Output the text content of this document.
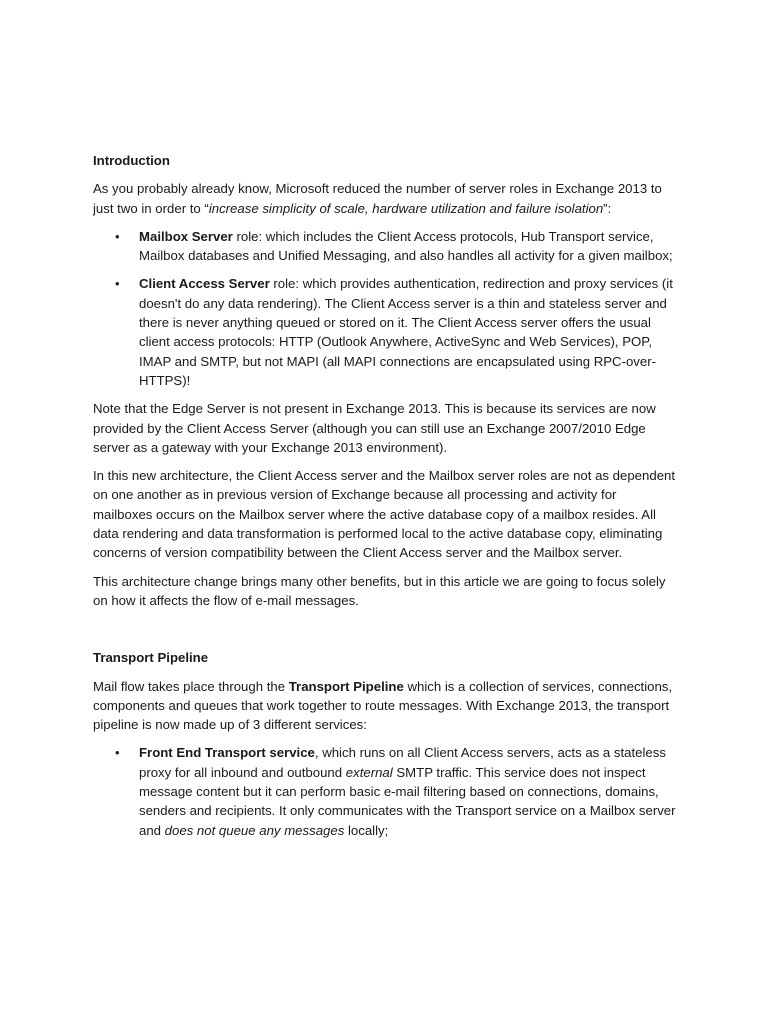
Introduction

As you probably already know, Microsoft reduced the number of server roles in Exchange 2013 to just two in order to “increase simplicity of scale, hardware utilization and failure isolation”:

• Mailbox Server role: which includes the Client Access protocols, Hub Transport service, Mailbox databases and Unified Messaging, and also handles all activity for a given mailbox;
• Client Access Server role: which provides authentication, redirection and proxy services (it doesn't do any data rendering). The Client Access server is a thin and stateless server and there is never anything queued or stored on it. The Client Access server offers the usual client access protocols: HTTP (Outlook Anywhere, ActiveSync and Web Services), POP, IMAP and SMTP, but not MAPI (all MAPI connections are encapsulated using RPC-over-HTTPS)!

Note that the Edge Server is not present in Exchange 2013. This is because its services are now provided by the Client Access Server (although you can still use an Exchange 2007/2010 Edge server as a gateway with your Exchange 2013 environment).

In this new architecture, the Client Access server and the Mailbox server roles are not as dependent on one another as in previous version of Exchange because all processing and activity for mailboxes occurs on the Mailbox server where the active database copy of a mailbox resides. All data rendering and data transformation is performed local to the active database copy, eliminating concerns of version compatibility between the Client Access server and the Mailbox server.

This architecture change brings many other benefits, but in this article we are going to focus solely on how it affects the flow of e-mail messages.

Transport Pipeline

Mail flow takes place through the Transport Pipeline which is a collection of services, connections, components and queues that work together to route messages. With Exchange 2013, the transport pipeline is now made up of 3 different services:

• Front End Transport service, which runs on all Client Access servers, acts as a stateless proxy for all inbound and outbound external SMTP traffic. This service does not inspect message content but it can perform basic e-mail filtering based on connections, domains, senders and recipients. It only communicates with the Transport service on a Mailbox server and does not queue any messages locally;
